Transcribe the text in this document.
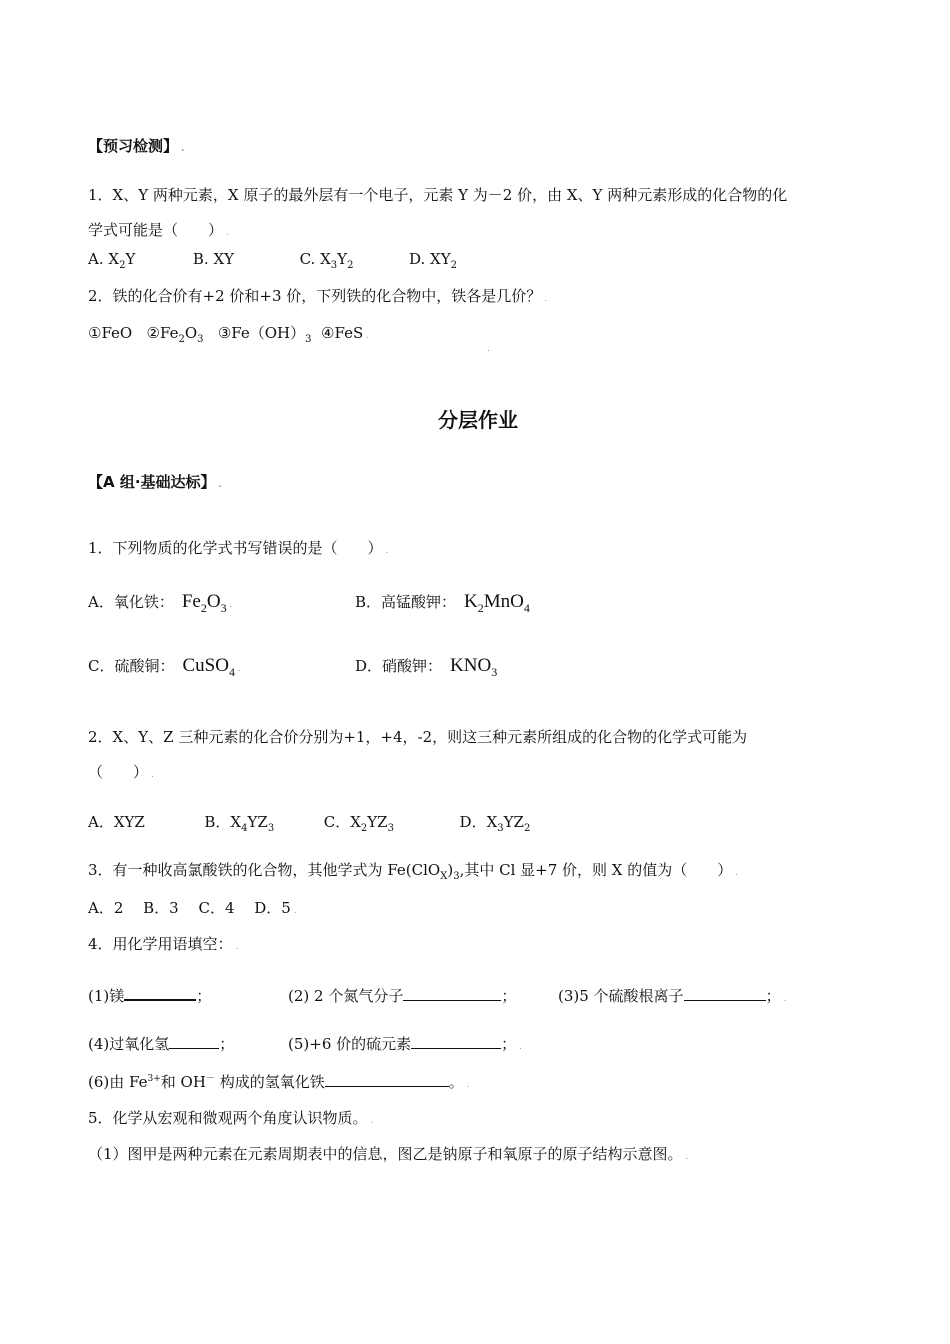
【预习检测】 .
1．X、Y 两种元素，X 原子的最外层有一个电子，元素 Y 为－2 价，由 X、Y 两种元素形成的化合物的化
学式可能是（　　） .
A. $X_2Y$	B. XY	C. $X_3Y_2$	D. $XY_2$
2．铁的化合价有+2 价和+3 价，下列铁的化合物中，铁各是几价？ .
①FeO $②Fe_2O_3$ $③Fe(OH)_3$ ④FeS .
.
分层作业
【A 组·基础达标】 .
1．下列物质的化学式书写错误的是（　　） .
A．氧化铁： $Fe_2O_3$ .	B．高锰酸钾： $K_2MnO_4$
C．硫酸铜： CuSO$_4$ .	D．硝酸钾： $KNO_3$
2．X、Y、Z 三种元素的化合价分别为+1，+4，-2，则这三种元素所组成的化合物的化学式可能为
（　　） .
A．XYZ	B．$X_4YZ_3$	C．$X_2YZ_3$	D．$X_3YZ_2$
3．有一种收高氯酸铁的化合物，其他学式为 $Fe(ClO_X)_3$,其中 Cl 显+7 价，则 X 的值为（　　） .
A．2　 B．3　 C．4　 D．5 .
4．用化学用语填空： .
(1)镁	；	(2) 2 个氮气分子	；	(3)5 个硫酸根离子	； .
(4)过氧化氢	；	(5)+6 价的硫元素	； .
(6)由 $Fe^{3+}$和 OH－ 构成的氢氧化铁	。 .
5．化学从宏观和微观两个角度认识物质。 .
（1）图甲是两种元素在元素周期表中的信息，图乙是钠原子和氧原子的原子结构示意图。 .
